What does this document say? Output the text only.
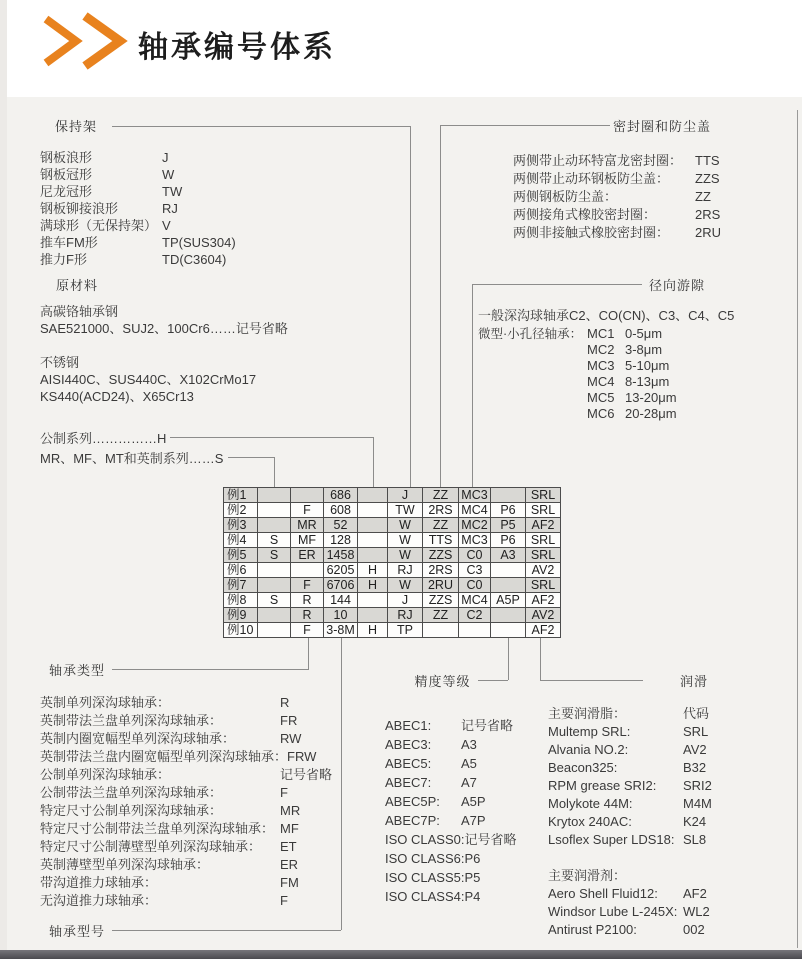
轴承编号体系
保持架
原材料
密封圈和防尘盖
径向游隙
轴承类型
精度等级	润滑
轴承型号
钢板浪形	J
钢板冠形	W
尼龙冠形	TW
钢板铆接浪形	RJ
满球形（无保持架） V
推车FM形	TP(SUS304)
推力F形	TD(C3604)
高碳铬轴承钢
SAE521000、SUJ2、100Cr6……记号省略
不锈钢
AISI440C、SUS440C、X102CrMo17
KS440(ACD24)、X65Cr13
公制系列……………H
MR、MF、MT和英制系列……S
两侧带止动环特富龙密封圈： TTS
两侧带止动环钢板防尘盖：	ZZS
两侧钢板防尘盖：	ZZ
两侧接角式橡胶密封圈：	2RS
两侧非接触式橡胶密封圈：	2RU
一般深沟球轴承C2、CO(CN)、C3、C4、C5
微型·小孔径轴承： MC1 0-5μm
MC2 3-8μm
MC3 5-10μm
MC4 8-13μm
MC5 13-20μm
MC6 20-28μm
例1			686		J	ZZ	MC3		SRL
例2		F	608		TW	2RS	MC4	P6	SRL
例3		MR	52		W	ZZ	MC2	P5	AF2
例4	S	MF	128		W	TTS	MC3	P6	SRL
例5	S	ER	1458		W	ZZS	C0	A3	SRL
例6			6205	H	RJ	2RS	C3		AV2
例7		F	6706	H	W	2RU	C0		SRL
例8	S	R	144		J	ZZS	MC4	A5P	AF2
例9		R	10		RJ	ZZ	C2		AV2
例10		F	3-8M	H	TP				AF2
英制单列深沟球轴承：	R
英制带法兰盘单列深沟球轴承：	FR
英制内圈宽幅型单列深沟球轴承：	RW
英制带法兰盘内圈宽幅型单列深沟球轴承： FRW
公制单列深沟球轴承：	记号省略
公制带法兰盘单列深沟球轴承：	F
特定尺寸公制单列深沟球轴承：	MR
特定尺寸公制带法兰盘单列深沟球轴承： MF
特定尺寸公制薄壁型单列深沟球轴承：	ET
英制薄壁型单列深沟球轴承：	ER
带沟道推力球轴承：	FM
无沟道推力球轴承：	F
ABEC1:	记号省略
ABEC3:	A3
ABEC5:	A5
ABEC7:	A7
ABEC5P:	A5P
ABEC7P:	A7P
ISO CLASS0: 记号省略
ISO CLASS6: P6
ISO CLASS5: P5
ISO CLASS4: P4
主要润滑脂：	代码
Multemp SRL:	SRL
Alvania NO.2:	AV2
Beacon325:	B32
RPM grease SRI2:	SRI2
Molykote 44M:	M4M
Krytox 240AC:	K24
Lsoflex Super LDS18: SL8
主要润滑剂：
Aero Shell Fluid12:	AF2
Windsor Lube L-245X: WL2
Antirust P2100:	002
